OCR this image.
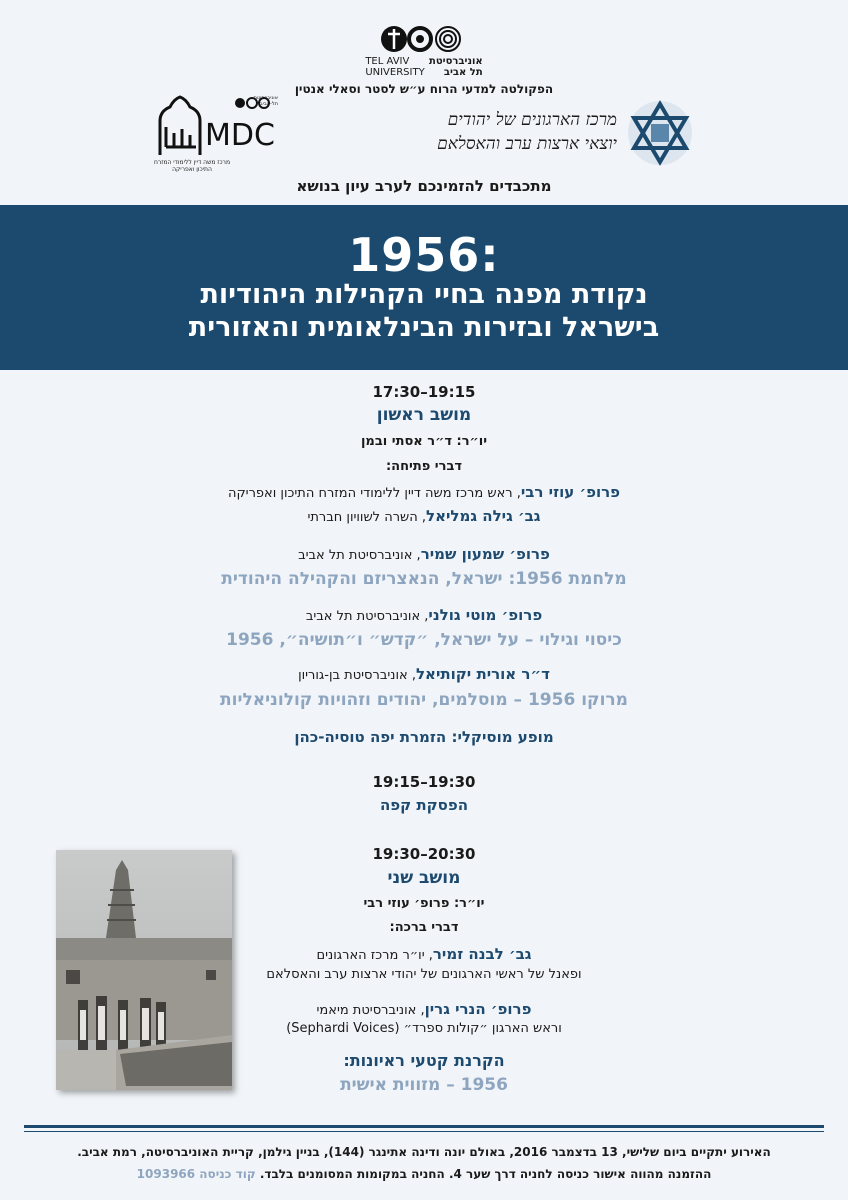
TEL AVIV
UNIVERSITY
אוניברסיטת תל אביב
הפקולטה למדעי הרוח ע״ש לסטר וסאלי אנטין
MDC
אוניברסיטת תל-אביב
מרכז משה דיין ללימודי המזרח התיכון ואפריקה
מרכז הארגונים של יהודים
יוצאי ארצות ערב והאסלאם
מתכבדים להזמינכם לערב עיון בנושא
1956:
נקודת מפנה בחיי הקהילות היהודיות
בישראל ובזירות הבינלאומית והאזורית
17:30–19:15
מושב ראשון
יו״ר: ד״ר אסתי ובמן
דברי פתיחה:
פרופ׳ עוזי רבי, ראש מרכז משה דיין ללימודי המזרח התיכון ואפריקה
גב׳ גילה גמליאל, השרה לשוויון חברתי
פרופ׳ שמעון שמיר, אוניברסיטת תל אביב
מלחמת 1956: ישראל, הנאצריזם והקהילה היהודית
פרופ׳ מוטי גולני, אוניברסיטת תל אביב
כיסוי וגילוי – על ישראל, ״קדש״ ו״תושיה״, 1956
ד״ר אורית יקותיאל, אוניברסיטת בן-גוריון
מרוקו 1956 – מוסלמים, יהודים וזהויות קולוניאליות
מופע מוסיקלי: הזמרת יפה טוסיה-כהן
19:15–19:30
הפסקת קפה
19:30–20:30
מושב שני
יו״ר: פרופ׳ עוזי רבי
דברי ברכה:
גב׳ לבנה זמיר, יו״ר מרכז הארגונים
ופאנל של ראשי הארגונים של יהודי ארצות ערב והאסלאם
פרופ׳ הנרי גרין, אוניברסיטת מיאמי
וראש הארגון ״קולות ספרד״ (Sephardi Voices)
הקרנת קטעי ראיונות:
1956 – מזווית אישית
האירוע יתקיים ביום שלישי, 13 בדצמבר 2016, באולם יונה ודינה אתינגר (144), בניין גילמן, קריית האוניברסיטה, רמת אביב.
ההזמנה מהווה אישור כניסה לחניה דרך שער 4. החניה במקומות המסומנים בלבד. קוד כניסה 1093966
